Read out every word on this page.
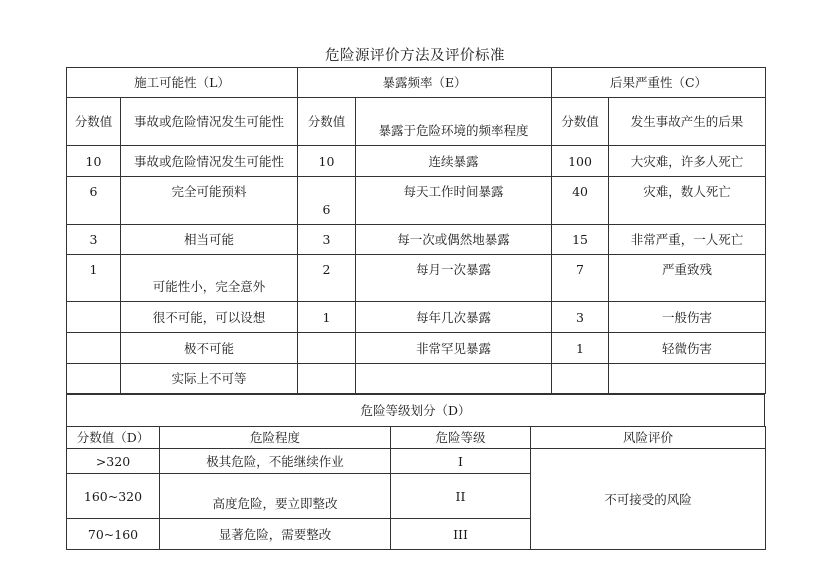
危险源评价方法及评价标准
施工可能性（L）		暴露频率（E）		后果严重性（C）	
分数值	事故或危险情况发生可能性	分数值	暴露于危险环境的频率程度	分数值	发生事故产生的后果
10	事故或危险情况发生可能性	10	连续暴露	100	大灾难，许多人死亡
6	完全可能预料	6	每天工作时间暴露	40	灾难，数人死亡
3	相当可能	3	每一次或偶然地暴露	15	非常严重，一人死亡
1	可能性小，完全意外	2	每月一次暴露	7	严重致残
	很不可能，可以设想	1	每年几次暴露	3	一般伤害
	极不可能		非常罕见暴露	1	轻微伤害
	实际上不可等				
危险等级划分（D）
分数值（D）	危险程度	危险等级	风险评价
>320	极其危险，不能继续作业	I	不可接受的风险
160~320	高度危险，要立即整改	II	
70~160	显著危险，需要整改	III	
